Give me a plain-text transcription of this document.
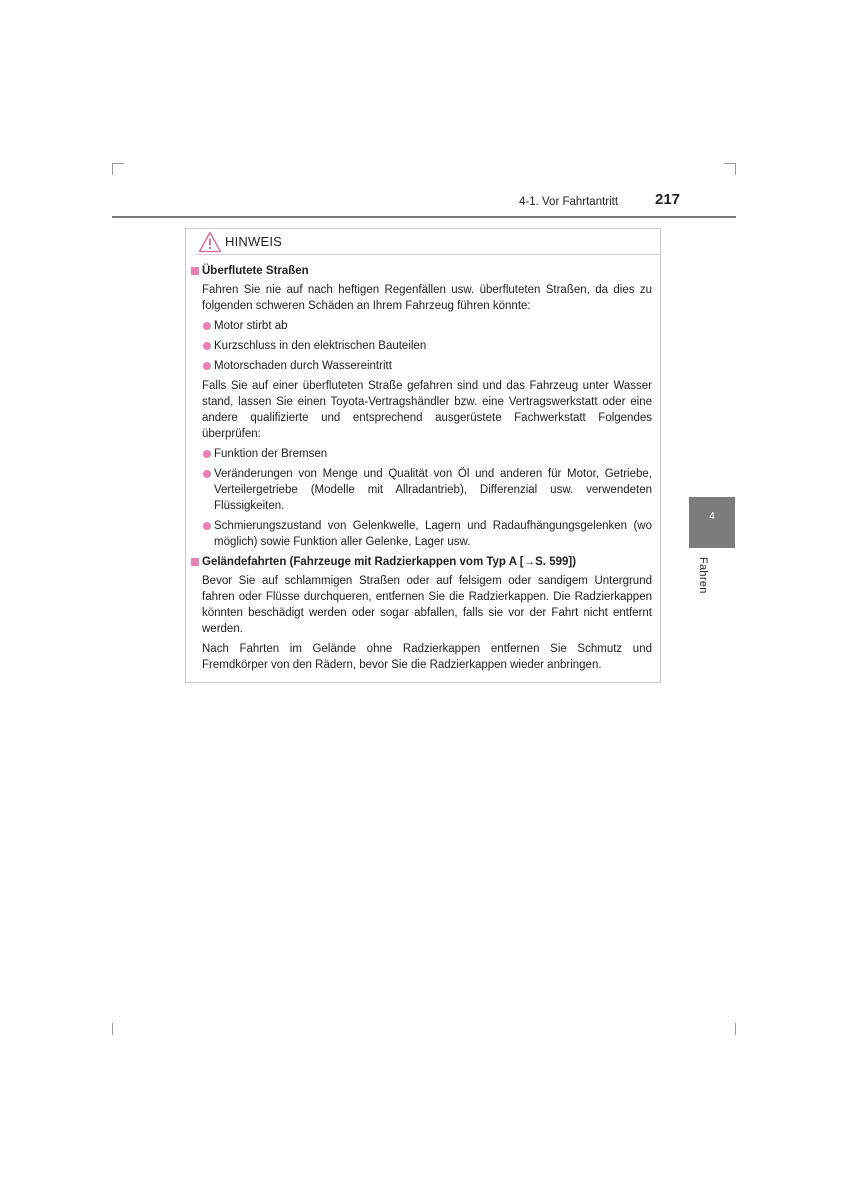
4-1. Vor Fahrtantritt 217
4
Fahren
HINWEIS
Überflutete Straßen
Fahren Sie nie auf nach heftigen Regenfällen usw. überfluteten Straßen, da dies zu folgenden schweren Schäden an Ihrem Fahrzeug führen könnte:
Motor stirbt ab
Kurzschluss in den elektrischen Bauteilen
Motorschaden durch Wassereintritt
Falls Sie auf einer überfluteten Straße gefahren sind und das Fahrzeug unter Wasser stand, lassen Sie einen Toyota-Vertragshändler bzw. eine Vertragswerkstatt oder eine andere qualifizierte und entsprechend ausgerüstete Fachwerkstatt Folgendes überprüfen:
Funktion der Bremsen
Veränderungen von Menge und Qualität von Öl und anderen für Motor, Getriebe, Verteilergetriebe (Modelle mit Allradantrieb), Differenzial usw. verwendeten Flüssigkeiten.
Schmierungszustand von Gelenkwelle, Lagern und Radaufhängungsgelenken (wo möglich) sowie Funktion aller Gelenke, Lager usw.
Geländefahrten (Fahrzeuge mit Radzierkappen vom Typ A [→S. 599])
Bevor Sie auf schlammigen Straßen oder auf felsigem oder sandigem Untergrund fahren oder Flüsse durchqueren, entfernen Sie die Radzierkappen. Die Radzierkappen könnten beschädigt werden oder sogar abfallen, falls sie vor der Fahrt nicht entfernt werden.
Nach Fahrten im Gelände ohne Radzierkappen entfernen Sie Schmutz und Fremdkörper von den Rädern, bevor Sie die Radzierkappen wieder anbringen.
